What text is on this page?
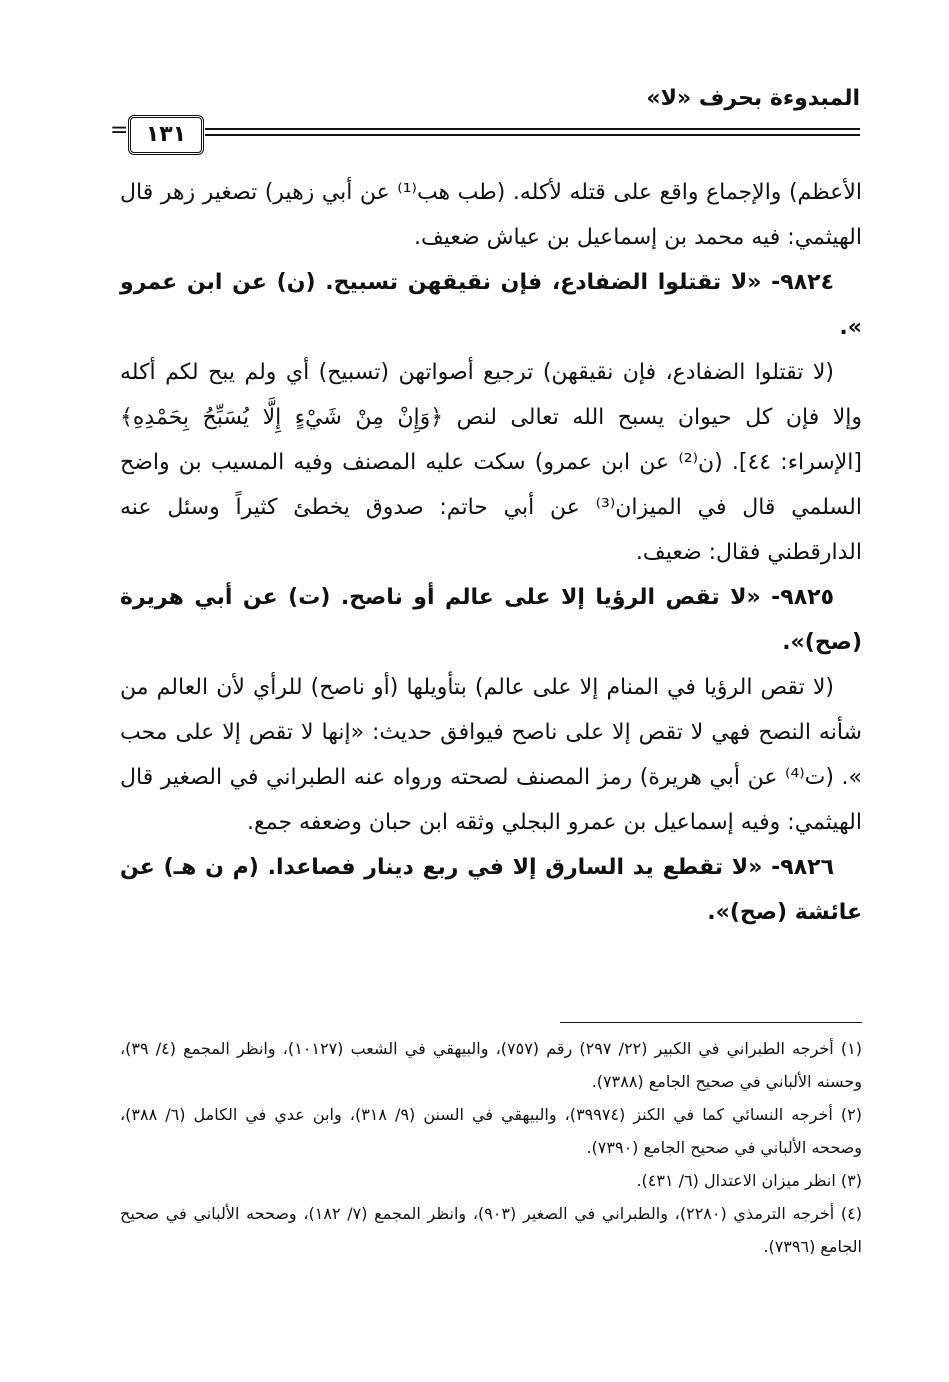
المبدوءة بحرف «لا»
١٣١
=

الأعظم) والإجماع واقع على قتله لأكله. (طب هب⁽¹⁾ عن أبي زهير) تصغير زهر قال الهيثمي: فيه محمد بن إسماعيل بن عياش ضعيف.

٩٨٢٤- «لا تقتلوا الضفادع، فإن نقيقهن تسبيح. (ن) عن ابن عمرو ».

(لا تقتلوا الضفادع، فإن نقيقهن) ترجيع أصواتهن (تسبيح) أي ولم يبح لكم أكله وإلا فإن كل حيوان يسبح الله تعالى لنص ﴿وَإِنْ مِنْ شَيْءٍ إِلَّا يُسَبِّحُ بِحَمْدِهِ﴾ [الإسراء: ٤٤]. (ن⁽²⁾ عن ابن عمرو) سكت عليه المصنف وفيه المسيب بن واضح السلمي قال في الميزان⁽³⁾ عن أبي حاتم: صدوق يخطئ كثيراً وسئل عنه الدارقطني فقال: ضعيف.

٩٨٢٥- «لا تقص الرؤيا إلا على عالم أو ناصح. (ت) عن أبي هريرة (صح)».

(لا تقص الرؤيا في المنام إلا على عالم) بتأويلها (أو ناصح) للرأي لأن العالم من شأنه النصح فهي لا تقص إلا على ناصح فيوافق حديث: «إنها لا تقص إلا على محب ». (ت⁽⁴⁾ عن أبي هريرة) رمز المصنف لصحته ورواه عنه الطبراني في الصغير قال الهيثمي: وفيه إسماعيل بن عمرو البجلي وثقه ابن حبان وضعفه جمع.

٩٨٢٦- «لا تقطع يد السارق إلا في ربع دينار فصاعدا. (م ن هـ) عن عائشة (صح)».

(١) أخرجه الطبراني في الكبير (٢٢/ ٢٩٧) رقم (٧٥٧)، والبيهقي في الشعب (١٠١٢٧)، وانظر المجمع (٤/ ٣٩)، وحسنه الألباني في صحيح الجامع (٧٣٨٨).

(٢) أخرجه النسائي كما في الكنز (٣٩٩٧٤)، والبيهقي في السنن (٩/ ٣١٨)، وابن عدي في الكامل (٦/ ٣٨٨)، وصححه الألباني في صحيح الجامع (٧٣٩٠).

(٣) انظر ميزان الاعتدال (٦/ ٤٣١).

(٤) أخرجه الترمذي (٢٢٨٠)، والطبراني في الصغير (٩٠٣)، وانظر المجمع (٧/ ١٨٢)، وصححه الألباني في صحيح الجامع (٧٣٩٦).
